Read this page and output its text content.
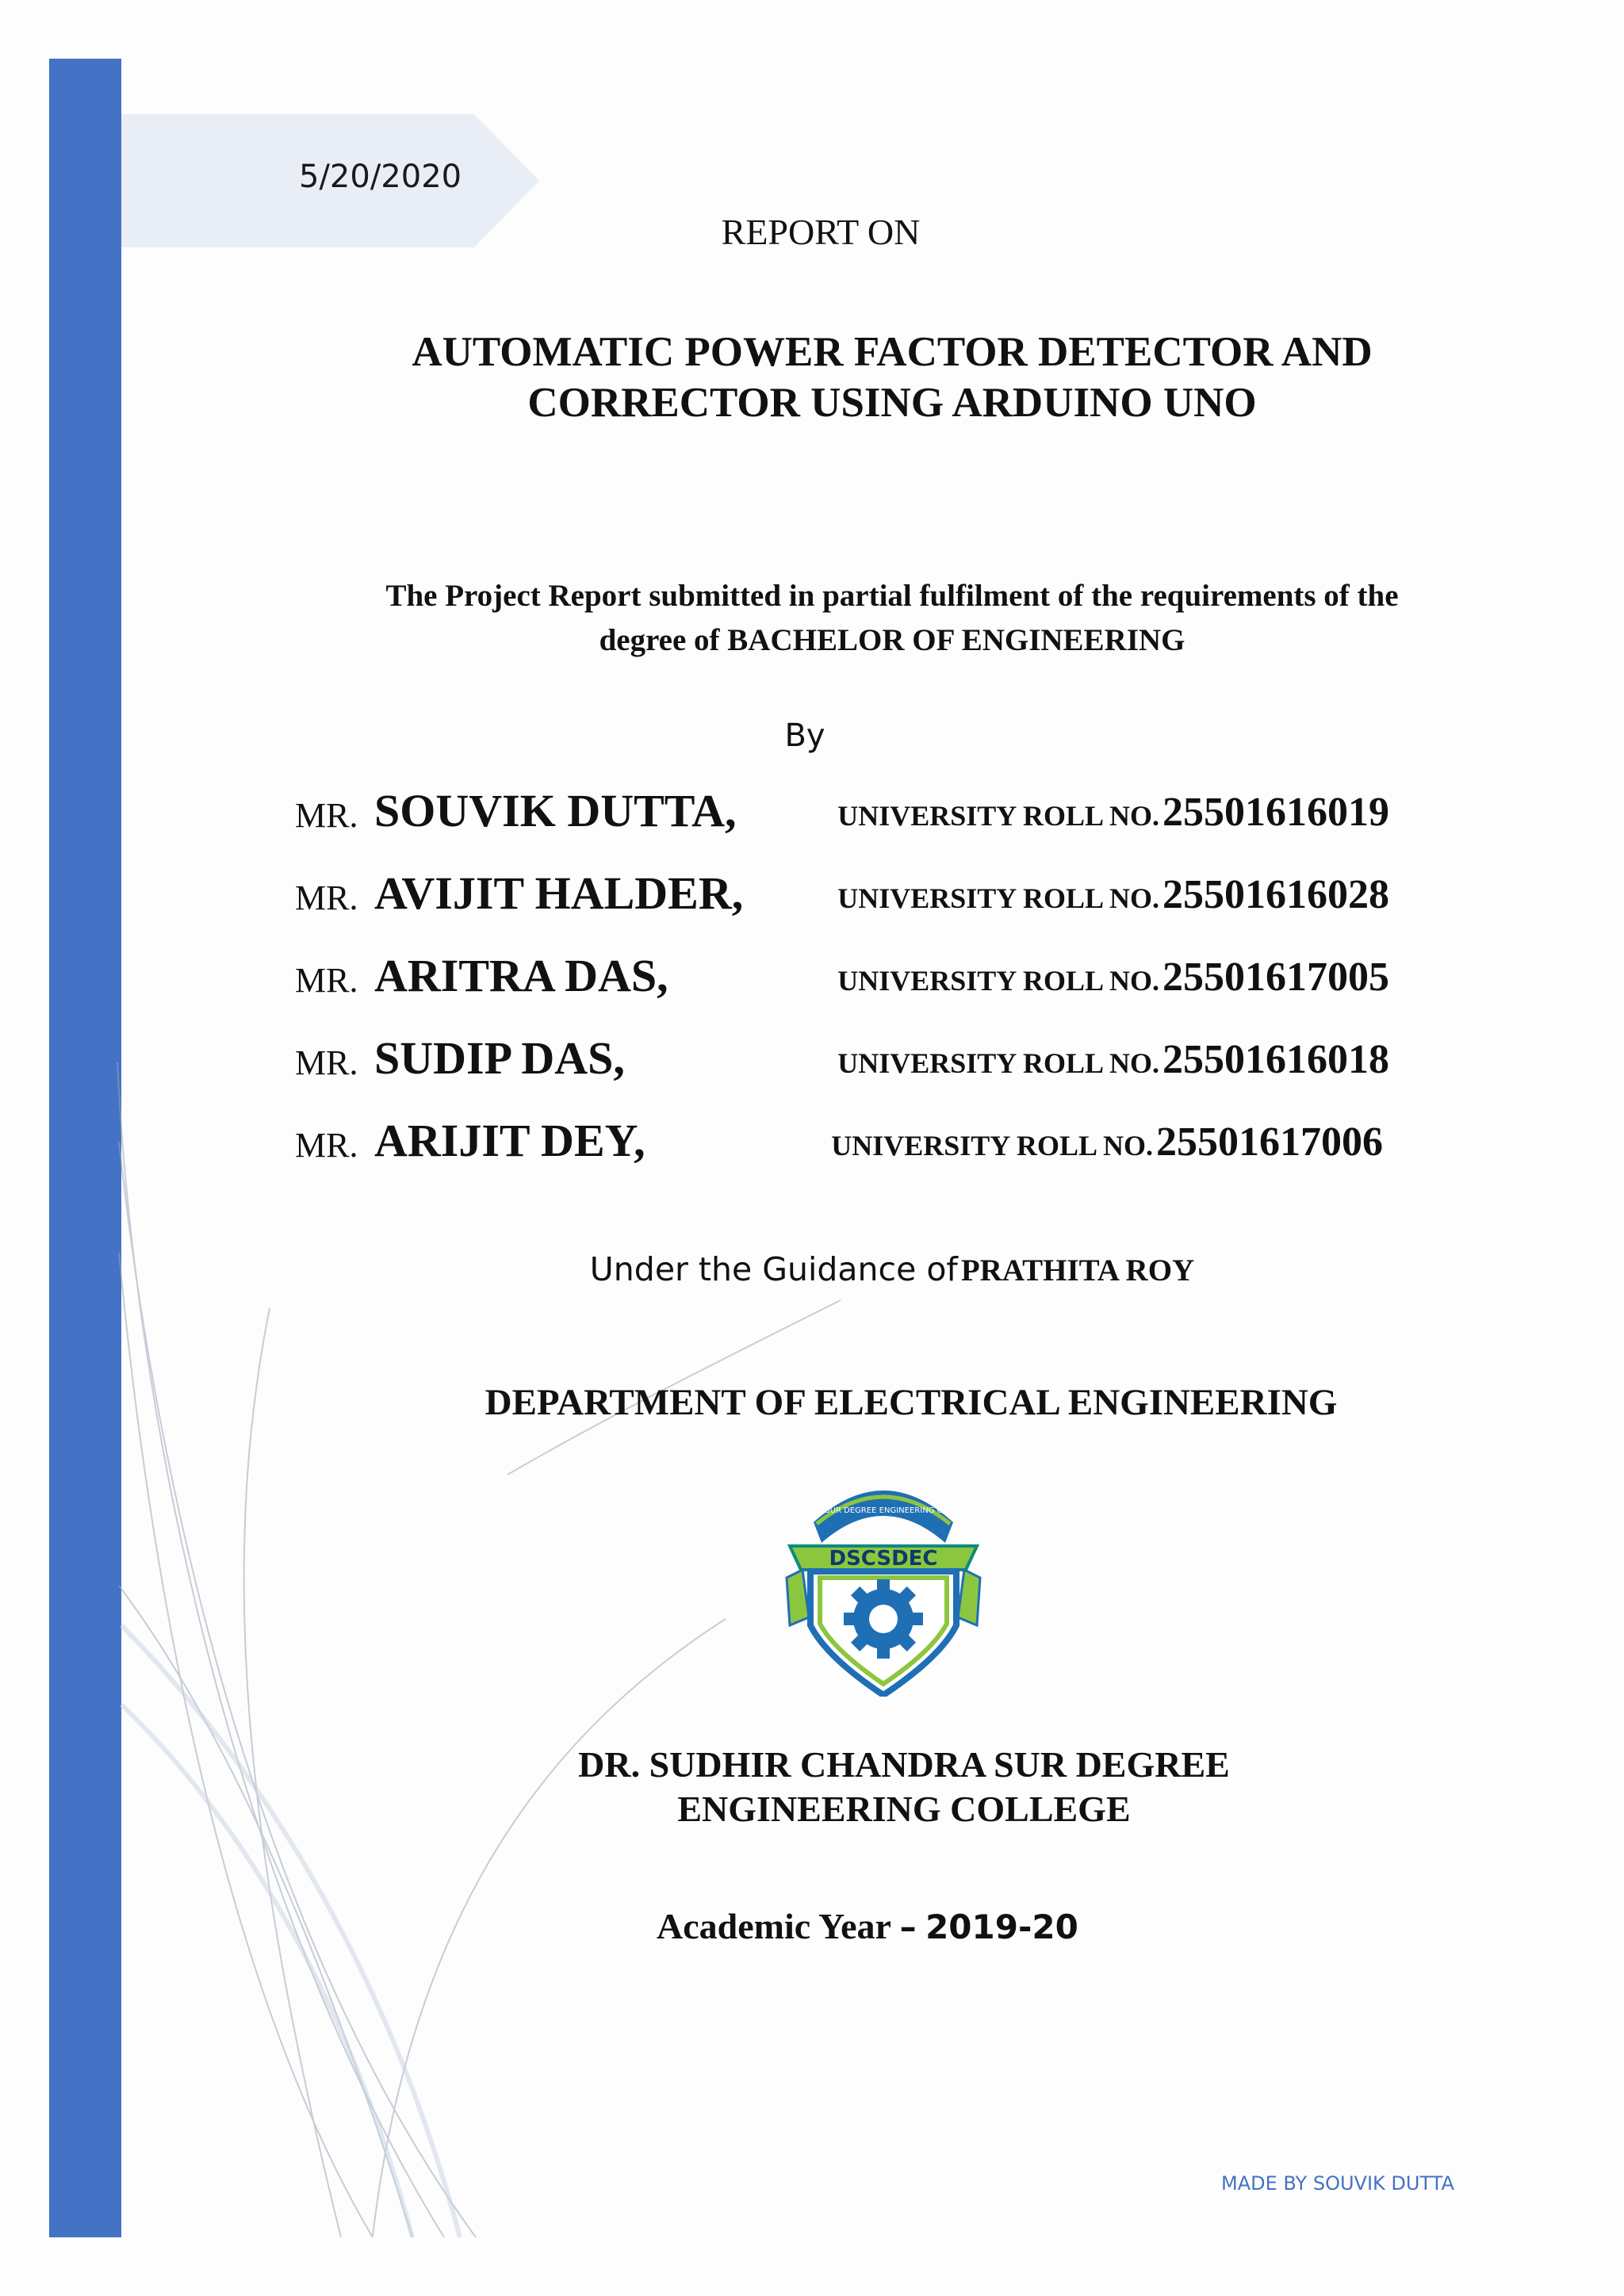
5/20/2020
REPORT ON
AUTOMATIC POWER FACTOR DETECTOR AND
CORRECTOR USING ARDUINO UNO
The Project Report submitted in partial fulfilment of the requirements of the
degree of BACHELOR OF ENGINEERING
By
MR. SOUVIK DUTTA,	UNIVERSITY ROLL NO. 25501616019
MR. AVIJIT HALDER,	UNIVERSITY ROLL NO. 25501616028
MR. ARITRA DAS,	UNIVERSITY ROLL NO. 25501617005
MR. SUDIP DAS,	UNIVERSITY ROLL NO. 25501616018
MR. ARIJIT DEY,	UNIVERSITY ROLL NO. 25501617006
Under the Guidance of PRATHITA ROY
DEPARTMENT OF ELECTRICAL ENGINEERING
DR. S.C SUR DEGREE ENGINEERING COLLEGE
DSCSDEC
DR. SUDHIR CHANDRA SUR DEGREE
ENGINEERING COLLEGE
Academic Year – 2019-20
MADE BY SOUVIK DUTTA
